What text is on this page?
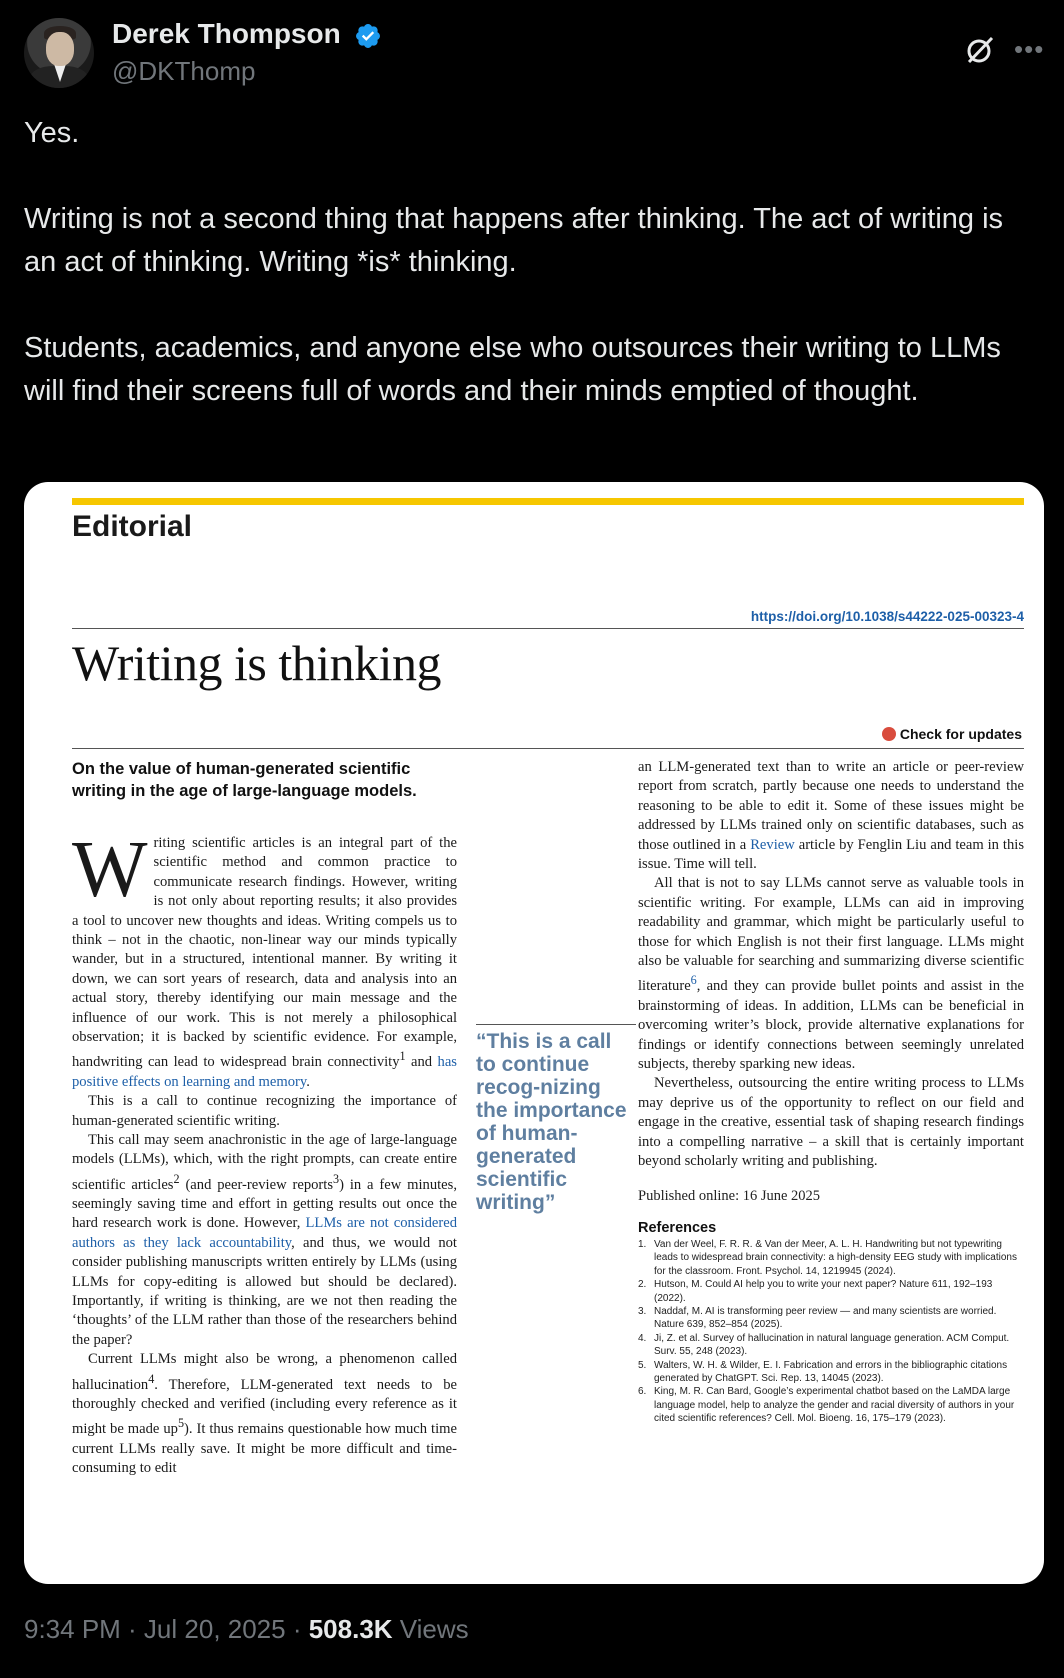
Derek Thompson
@DKThomp
•••

Yes.

Writing is not a second thing that happens after thinking. The act of writing is an act of thinking. Writing *is* thinking.

Students, academics, and anyone else who outsources their writing to LLMs will find their screens full of words and their minds emptied of thought.

Editorial
https://doi.org/10.1038/s44222-025-00323-4
Writing is thinking
Check for updates
On the value of human-generated scientific writing in the age of large-language models.

Writing scientific articles is an integral part of the scientific method and common practice to communicate research findings. However, writing is not only about reporting results; it also provides a tool to uncover new thoughts and ideas. Writing compels us to think – not in the chaotic, non-linear way our minds typically wander, but in a structured, intentional manner. By writing it down, we can sort years of research, data and analysis into an actual story, thereby identifying our main message and the influence of our work. This is not merely a philosophical observation; it is backed by scientific evidence. For example, handwriting can lead to widespread brain connectivity$^1$ and has positive effects on learning and memory.

This is a call to continue recognizing the importance of human-generated scientific writing.

This call may seem anachronistic in the age of large-language models (LLMs), which, with the right prompts, can create entire scientific articles$^2$ (and peer-review reports$^3$) in a few minutes, seemingly saving time and effort in getting results out once the hard research work is done. However, LLMs are not considered authors as they lack accountability, and thus, we would not consider publishing manuscripts written entirely by LLMs (using LLMs for copy-editing is allowed but should be declared). Importantly, if writing is thinking, are we not then reading the ‘thoughts’ of the LLM rather than those of the researchers behind the paper?

Current LLMs might also be wrong, a phenomenon called hallucination$^4$. Therefore, LLM-generated text needs to be thoroughly checked and verified (including every reference as it might be made $up^5$). It thus remains questionable how much time current LLMs really save. It might be more difficult and time-consuming to edit

“This is a call to continue recog-nizing the importance of human-generated scientific writing”

an LLM-generated text than to write an article or peer-review report from scratch, partly because one needs to understand the reasoning to be able to edit it. Some of these issues might be addressed by LLMs trained only on scientific databases, such as those outlined in a Review article by Fenglin Liu and team in this issue. Time will tell.

All that is not to say LLMs cannot serve as valuable tools in scientific writing. For example, LLMs can aid in improving readability and grammar, which might be particularly useful to those for which English is not their first language. LLMs might also be valuable for searching and summarizing diverse scientific literature$^6$, and they can provide bullet points and assist in the brainstorming of ideas. In addition, LLMs can be beneficial in overcoming writer’s block, provide alternative explanations for findings or identify connections between seemingly unrelated subjects, thereby sparking new ideas.

Nevertheless, outsourcing the entire writing process to LLMs may deprive us of the opportunity to reflect on our field and engage in the creative, essential task of shaping research findings into a compelling narrative – a skill that is certainly important beyond scholarly writing and publishing.

Published online: 16 June 2025
References
1. Van der Weel, F. R. R. & Van der Meer, A. L. H. Handwriting but not typewriting leads to widespread brain connectivity: a high-density EEG study with implications for the classroom. Front. Psychol. 14, 1219945 (2024).
2. Hutson, M. Could AI help you to write your next paper? Nature 611, 192–193 (2022).
3. Naddaf, M. AI is transforming peer review — and many scientists are worried. Nature 639, 852–854 (2025).
4. Ji, Z. et al. Survey of hallucination in natural language generation. ACM Comput. Surv. 55, 248 (2023).
5. Walters, W. H. & Wilder, E. I. Fabrication and errors in the bibliographic citations generated by ChatGPT. Sci. Rep. 13, 14045 (2023).
6. King, M. R. Can Bard, Google’s experimental chatbot based on the LaMDA large language model, help to analyze the gender and racial diversity of authors in your cited scientific references? Cell. Mol. Bioeng. 16, 175–179 (2023).
9:34 PM · Jul 20, 2025 · 508.3K Views
